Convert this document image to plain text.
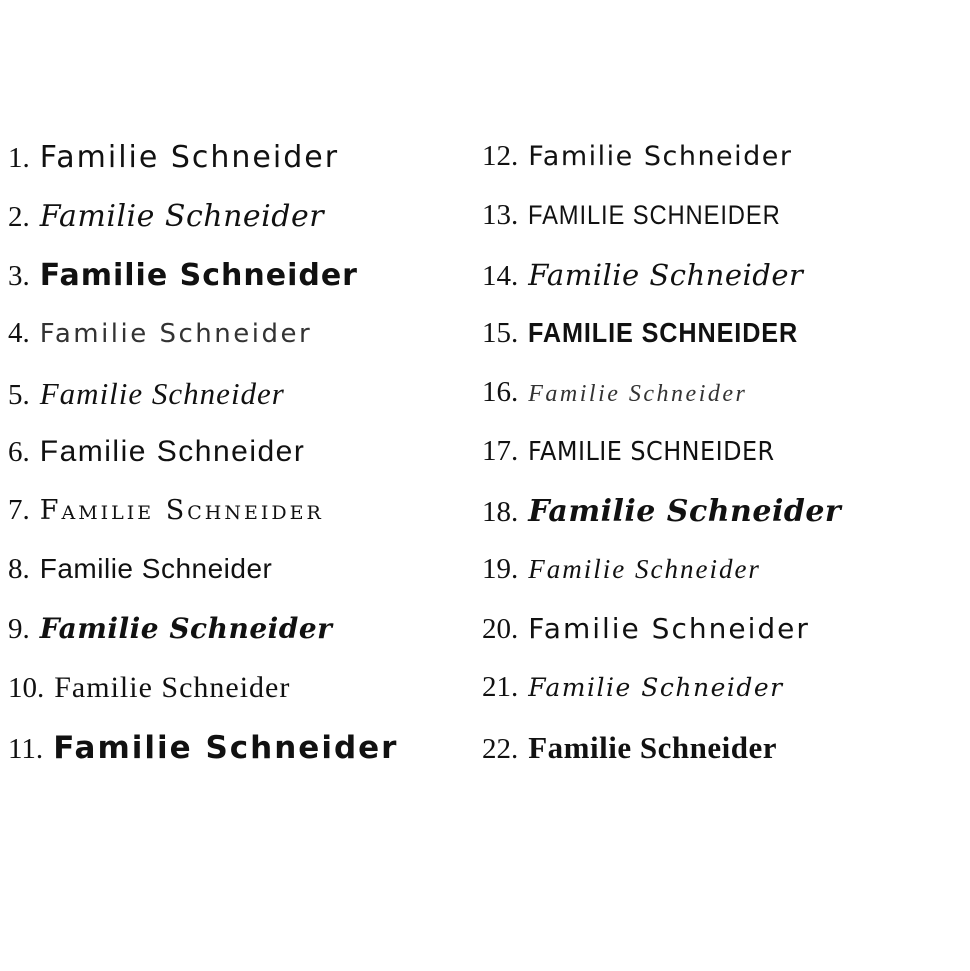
1. Familie Schneider
2. Familie Schneider
3. Familie Schneider
4. Familie Schneider
5. Familie Schneider
6. Familie Schneider
7. Familie Schneider
8. Familie Schneider
9. Familie Schneider
10. Familie Schneider
11. Familie Schneider
12. Familie Schneider
13. FAMILIE SCHNEIDER
14. Familie Schneider
15. FAMILIE SCHNEIDER
16. Familie Schneider
17. FAMILIE SCHNEIDER
18. Familie Schneider
19. Familie Schneider
20. Familie Schneider
21. Familie Schneider
22. Familie Schneider
